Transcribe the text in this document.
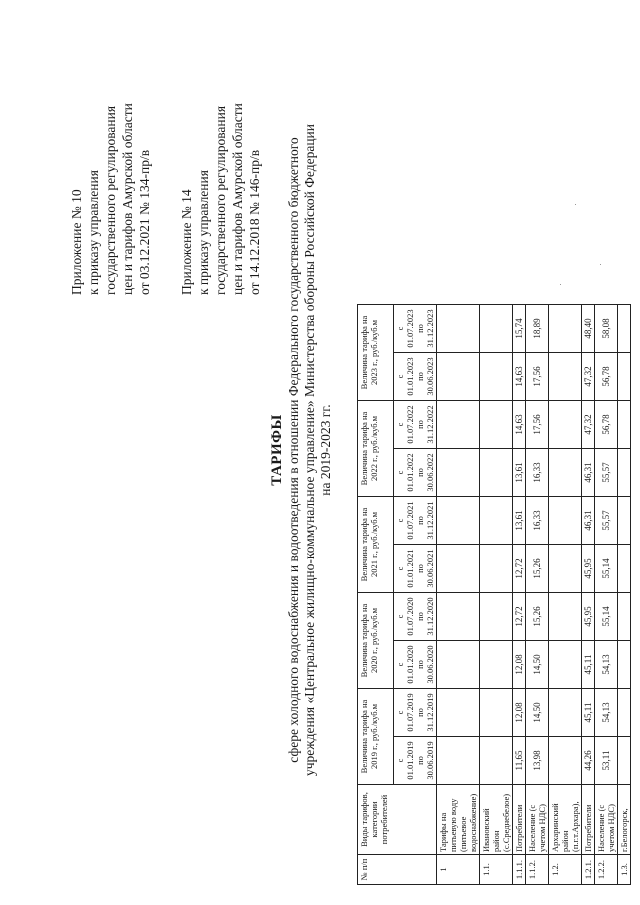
Приложение № 10 к приказу управления государственного регулирования цен и тарифов Амурской области от 03.12.2021 № 134-пр/в Приложение № 14 к приказу управления государственного регулирования цен и тарифов Амурской области от 14.12.2018 № 146-пр/в
ТАРИФЫ сфере холодного водоснабжения и водоотведения в отношении Федерального государственного бюджетного учреждения «Центральное жилищно-коммунальное управление» Министерства обороны Российской Федерации на 2019-2023 гг.
№ п/п	Виды тарифов, категории потребителей	Величина тарифа на 2019 г., руб./куб.м		Величина тарифа на 2020 г., руб./куб.м		Величина тарифа на 2021 г., руб./куб.м		Величина тарифа на 2022 г., руб./куб.м		Величина тарифа на 2023 г., руб./куб.м	
		с 01.01.2019 по 30.06.2019	с 01.07.2019 по 31.12.2019	с 01.01.2020 по 30.06.2020	с 01.07.2020 по 31.12.2020	с 01.01.2021 по 30.06.2021	с 01.07.2021 по 31.12.2021	с 01.01.2022 по 30.06.2022	с 01.07.2022 по 31.12.2022	с 01.01.2023 по 30.06.2023	с 01.07.2023 по 31.12.2023
1	Тарифы на питьевую воду (питьевое водоснабжение)										
1.1.	Ивановский район (с.Среднебелое)										
1.1.1.	Потребители	11,65	12,08	12,08	12,72	12,72	13,61	13,61	14,63	14,63	15,74
1.1.2.	Население (с учетом НДС)	13,98	14,50	14,50	15,26	15,26	16,33	16,33	17,56	17,56	18,89
1.2.	Архаринский район (п.г.т.Архара),										
1.2.1.	Потребители	44,26	45,11	45,11	45,95	45,95	46,31	46,31	47,32	47,32	48,40
1.2.2.	Население (с учетом НДС)	53,11	54,13	54,13	55,14	55,14	55,57	55,57	56,78	56,78	58,08
1.3.	г.Белогорск,										
